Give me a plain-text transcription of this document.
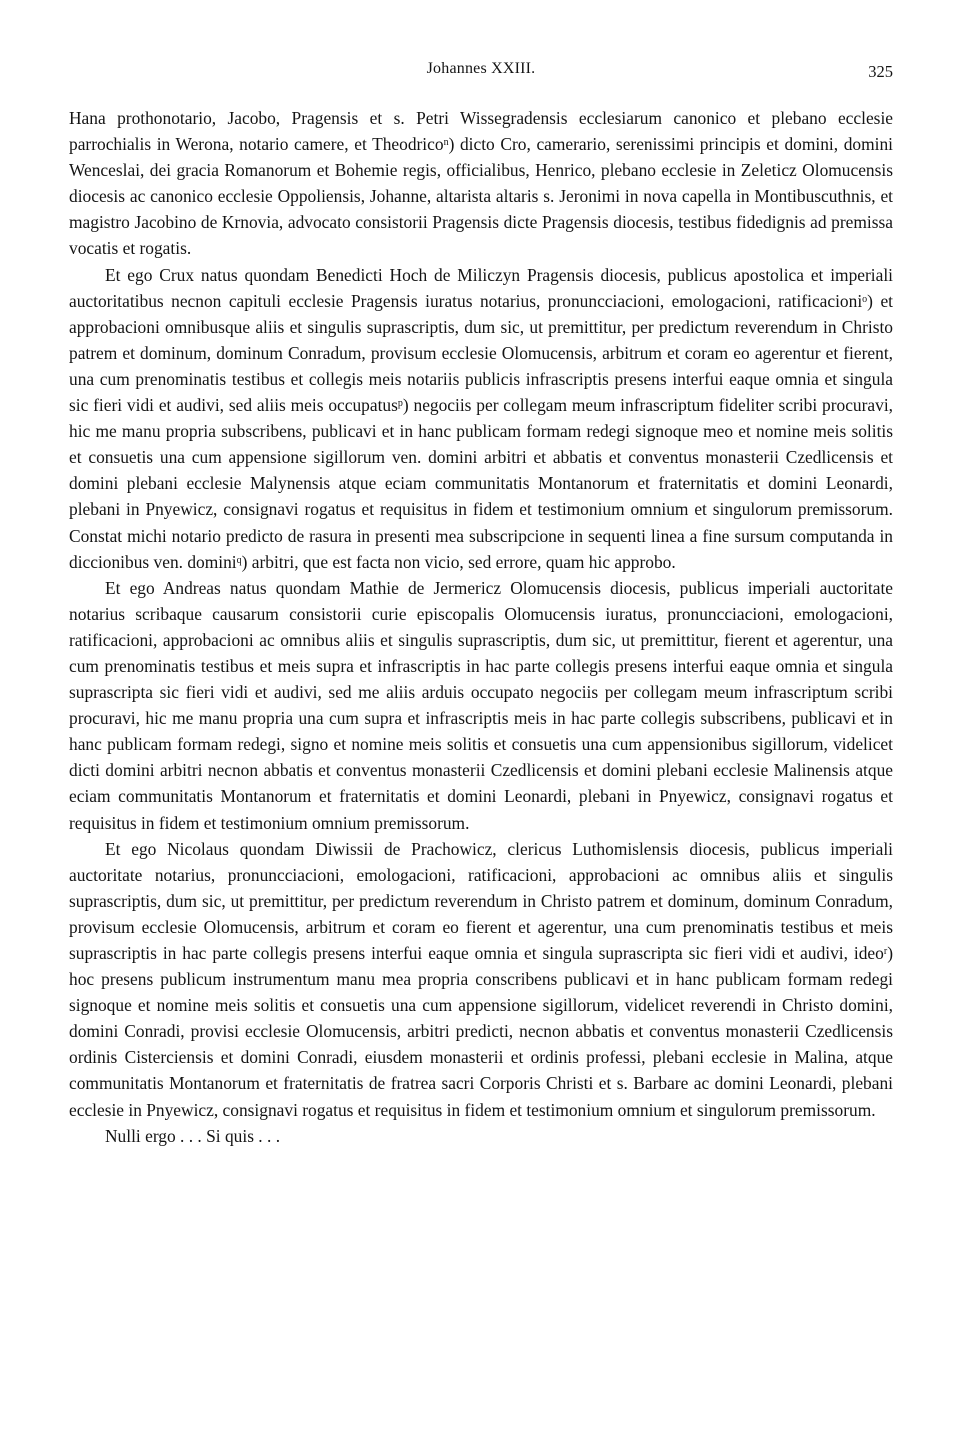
Johannes XXIII.	325

Hana prothonotario, Jacobo, Pragensis et s. Petri Wissegradensis ecclesiarum canonico et plebano ecclesie parrochialis in Werona, notario camere, et Theodrico$^n$) dicto Cro, camerario, serenissimi principis et domini, domini Wenceslai, dei gracia Romanorum et Bohemie regis, officialibus, Henrico, plebano ecclesie in Zeleticz Olomucensis diocesis ac canonico ecclesie Oppoliensis, Johanne, altarista altaris s. Jeronimi in nova capella in Montibuscuthnis, et magistro Jacobino de Krnovia, advocato consistorii Pragensis dicte Pragensis diocesis, testibus fidedignis ad premissa vocatis et rogatis.

Et ego Crux natus quondam Benedicti Hoch de Miliczyn Pragensis diocesis, publicus apostolica et imperiali auctoritatibus necnon capituli ecclesie Pragensis iuratus notarius, pronuncciacioni, emologacioni, ratificacioni$^o$) et approbacioni omnibusque aliis et singulis suprascriptis, dum sic, ut premittitur, per predictum reverendum in Christo patrem et dominum, dominum Conradum, provisum ecclesie Olomucensis, arbitrum et coram eo agerentur et fierent, una cum prenominatis testibus et collegis meis notariis publicis infrascriptis presens interfui eaque omnia et singula sic fieri vidi et audivi, sed aliis meis occupatus$^p$) negociis per collegam meum infrascriptum fideliter scribi procuravi, hic me manu propria subscribens, publicavi et in hanc publicam formam redegi signoque meo et nomine meis solitis et consuetis una cum appensione sigillorum ven. domini arbitri et abbatis et conventus monasterii Czedlicensis et domini plebani ecclesie Malynensis atque eciam communitatis Montanorum et fraternitatis et domini Leonardi, plebani in Pnyewicz, consignavi rogatus et requisitus in fidem et testimonium omnium et singulorum premissorum. Constat michi notario predicto de rasura in presenti mea subscripcione in sequenti linea a fine sursum computanda in diccionibus ven. domini$^q$) arbitri, que est facta non vicio, sed errore, quam hic approbo.

Et ego Andreas natus quondam Mathie de Jermericz Olomucensis diocesis, publicus imperiali auctoritate notarius scribaque causarum consistorii curie episcopalis Olomucensis iuratus, pronuncciacioni, emologacioni, ratificacioni, approbacioni ac omnibus aliis et singulis suprascriptis, dum sic, ut premittitur, fierent et agerentur, una cum prenominatis testibus et meis supra et infrascriptis in hac parte collegis presens interfui eaque omnia et singula suprascripta sic fieri vidi et audivi, sed me aliis arduis occupato negociis per collegam meum infrascriptum scribi procuravi, hic me manu propria una cum supra et infrascriptis meis in hac parte collegis subscribens, publicavi et in hanc publicam formam redegi, signo et nomine meis solitis et consuetis una cum appensionibus sigillorum, videlicet dicti domini arbitri necnon abbatis et conventus monasterii Czedlicensis et domini plebani ecclesie Malinensis atque eciam communitatis Montanorum et fraternitatis et domini Leonardi, plebani in Pnyewicz, consignavi rogatus et requisitus in fidem et testimonium omnium premissorum.

Et ego Nicolaus quondam Diwissii de Prachowicz, clericus Luthomislensis diocesis, publicus imperiali auctoritate notarius, pronuncciacioni, emologacioni, ratificacioni, approbacioni ac omnibus aliis et singulis suprascriptis, dum sic, ut premittitur, per predictum reverendum in Christo patrem et dominum, dominum Conradum, provisum ecclesie Olomucensis, arbitrum et coram eo fierent et agerentur, una cum prenominatis testibus et meis suprascriptis in hac parte collegis presens interfui eaque omnia et singula suprascripta sic fieri vidi et audivi, ideo$^r$) hoc presens publicum instrumentum manu mea propria conscribens publicavi et in hanc publicam formam redegi signoque et nomine meis solitis et consuetis una cum appensione sigillorum, videlicet reverendi in Christo domini, domini Conradi, provisi ecclesie Olomucensis, arbitri predicti, necnon abbatis et conventus monasterii Czedlicensis ordinis Cisterciensis et domini Conradi, eiusdem monasterii et ordinis professi, plebani ecclesie in Malina, atque communitatis Montanorum et fraternitatis de fratrea sacri Corporis Christi et s. Barbare ac domini Leonardi, plebani ecclesie in Pnyewicz, consignavi rogatus et requisitus in fidem et testimonium omnium et singulorum premissorum.

Nulli ergo . . . Si quis . . .
